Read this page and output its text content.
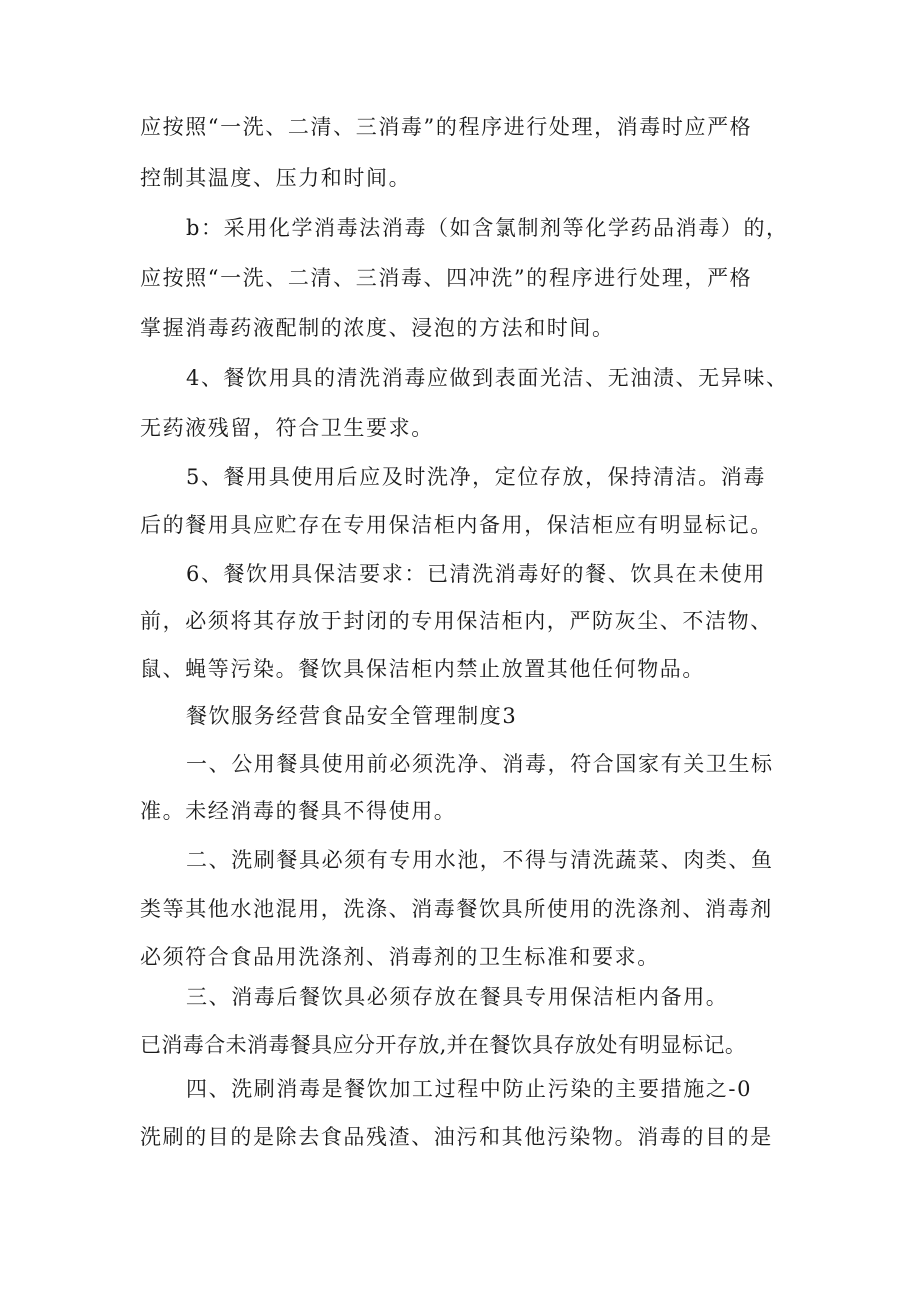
应按照“一洗、二清、三消毒”的程序进行处理，消毒时应严格
控制其温度、压力和时间。
b：采用化学消毒法消毒（如含氯制剂等化学药品消毒）的，
应按照“一洗、二清、三消毒、四冲洗”的程序进行处理，严格
掌握消毒药液配制的浓度、浸泡的方法和时间。
4、餐饮用具的清洗消毒应做到表面光洁、无油渍、无异味、
无药液残留，符合卫生要求。
5、餐用具使用后应及时洗净，定位存放，保持清洁。消毒
后的餐用具应贮存在专用保洁柜内备用，保洁柜应有明显标记。
6、餐饮用具保洁要求：已清洗消毒好的餐、饮具在未使用
前，必须将其存放于封闭的专用保洁柜内，严防灰尘、不洁物、
鼠、蝇等污染。餐饮具保洁柜内禁止放置其他任何物品。
餐饮服务经营食品安全管理制度3
一、公用餐具使用前必须洗净、消毒，符合国家有关卫生标
准。未经消毒的餐具不得使用。
二、洗刷餐具必须有专用水池，不得与清洗蔬菜、肉类、鱼
类等其他水池混用，洗涤、消毒餐饮具所使用的洗涤剂、消毒剂
必须符合食品用洗涤剂、消毒剂的卫生标准和要求。
三、消毒后餐饮具必须存放在餐具专用保洁柜内备用。
已消毒合未消毒餐具应分开存放,并在餐饮具存放处有明显标记。
四、洗刷消毒是餐饮加工过程中防止污染的主要措施之-0
洗刷的目的是除去食品残渣、油污和其他污染物。消毒的目的是
